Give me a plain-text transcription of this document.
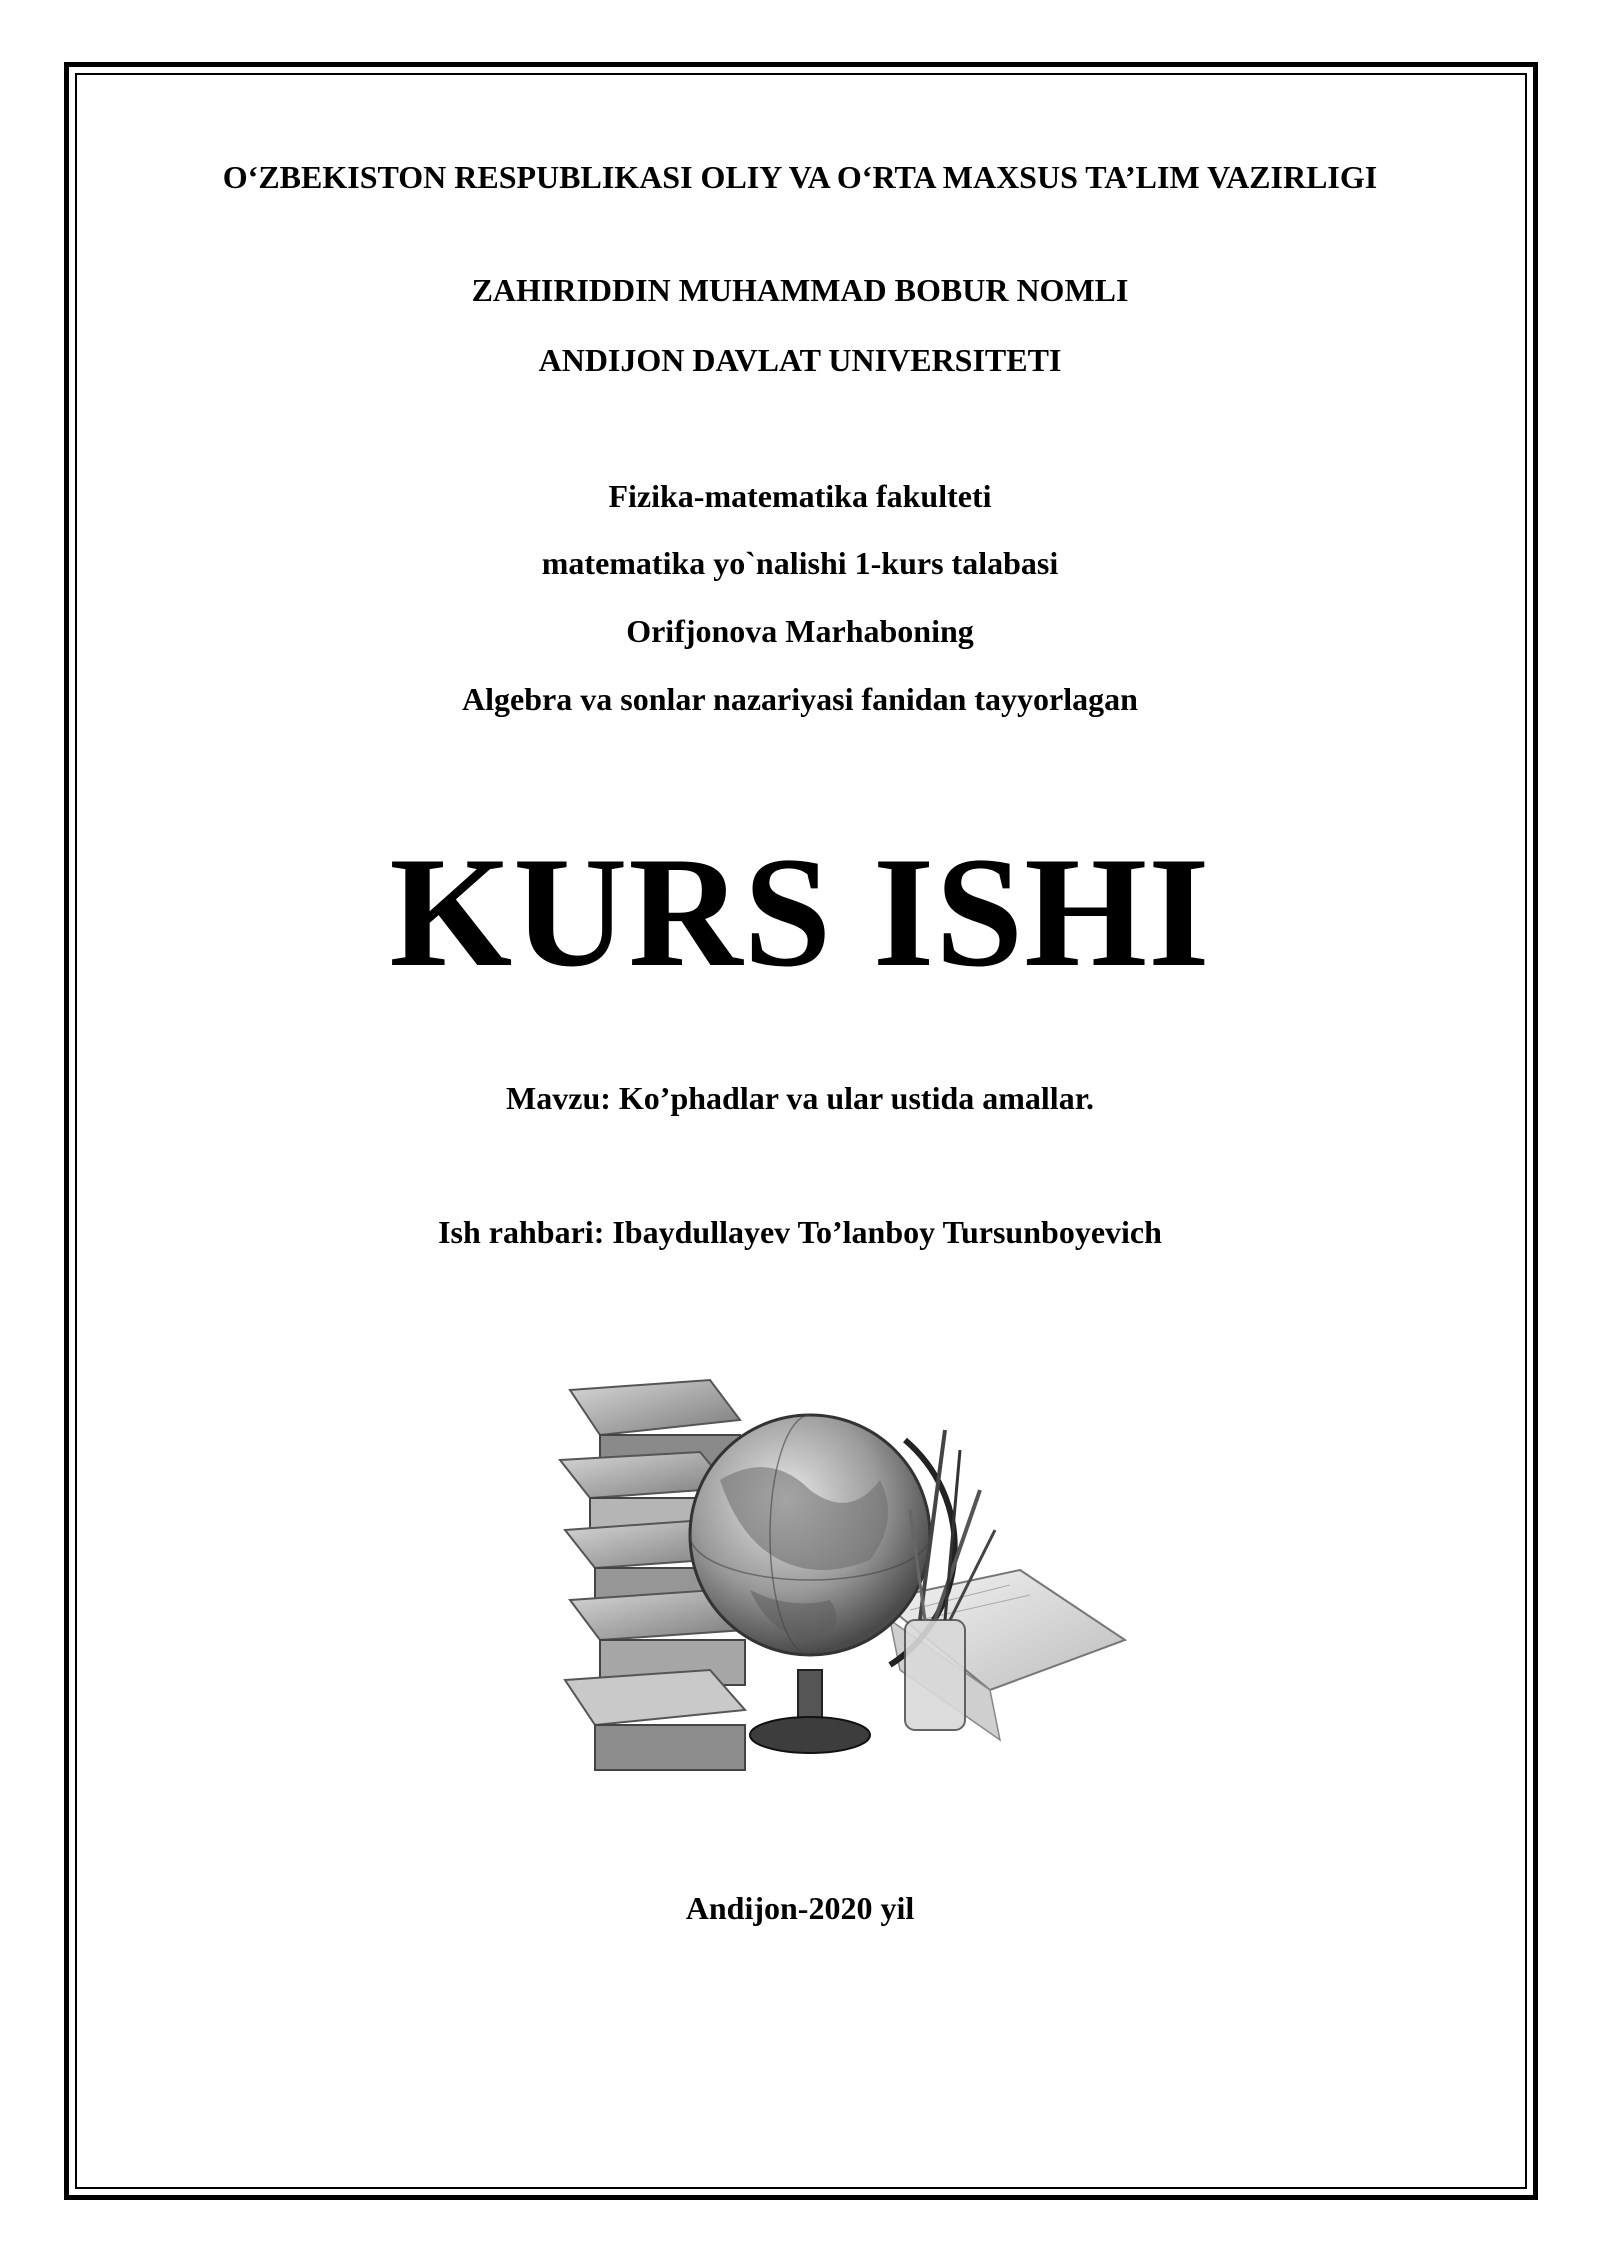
O‘ZBEKISTON RESPUBLIKASI OLIY VA O‘RTA MAXSUS TA’LIM VAZIRLIGI
ZAHIRIDDIN MUHAMMAD BOBUR NOMLI
ANDIJON DAVLAT UNIVERSITETI
Fizika-matematika fakulteti
matematika yo`nalishi 1-kurs talabasi
Orifjonova Marhaboning
Algebra va sonlar nazariyasi fanidan tayyorlagan
KURS ISHI
Mavzu: Ko’phadlar va ular ustida amallar.
Ish rahbari: Ibaydullayev To’lanboy Tursunboyevich
Andijon-2020 yil
